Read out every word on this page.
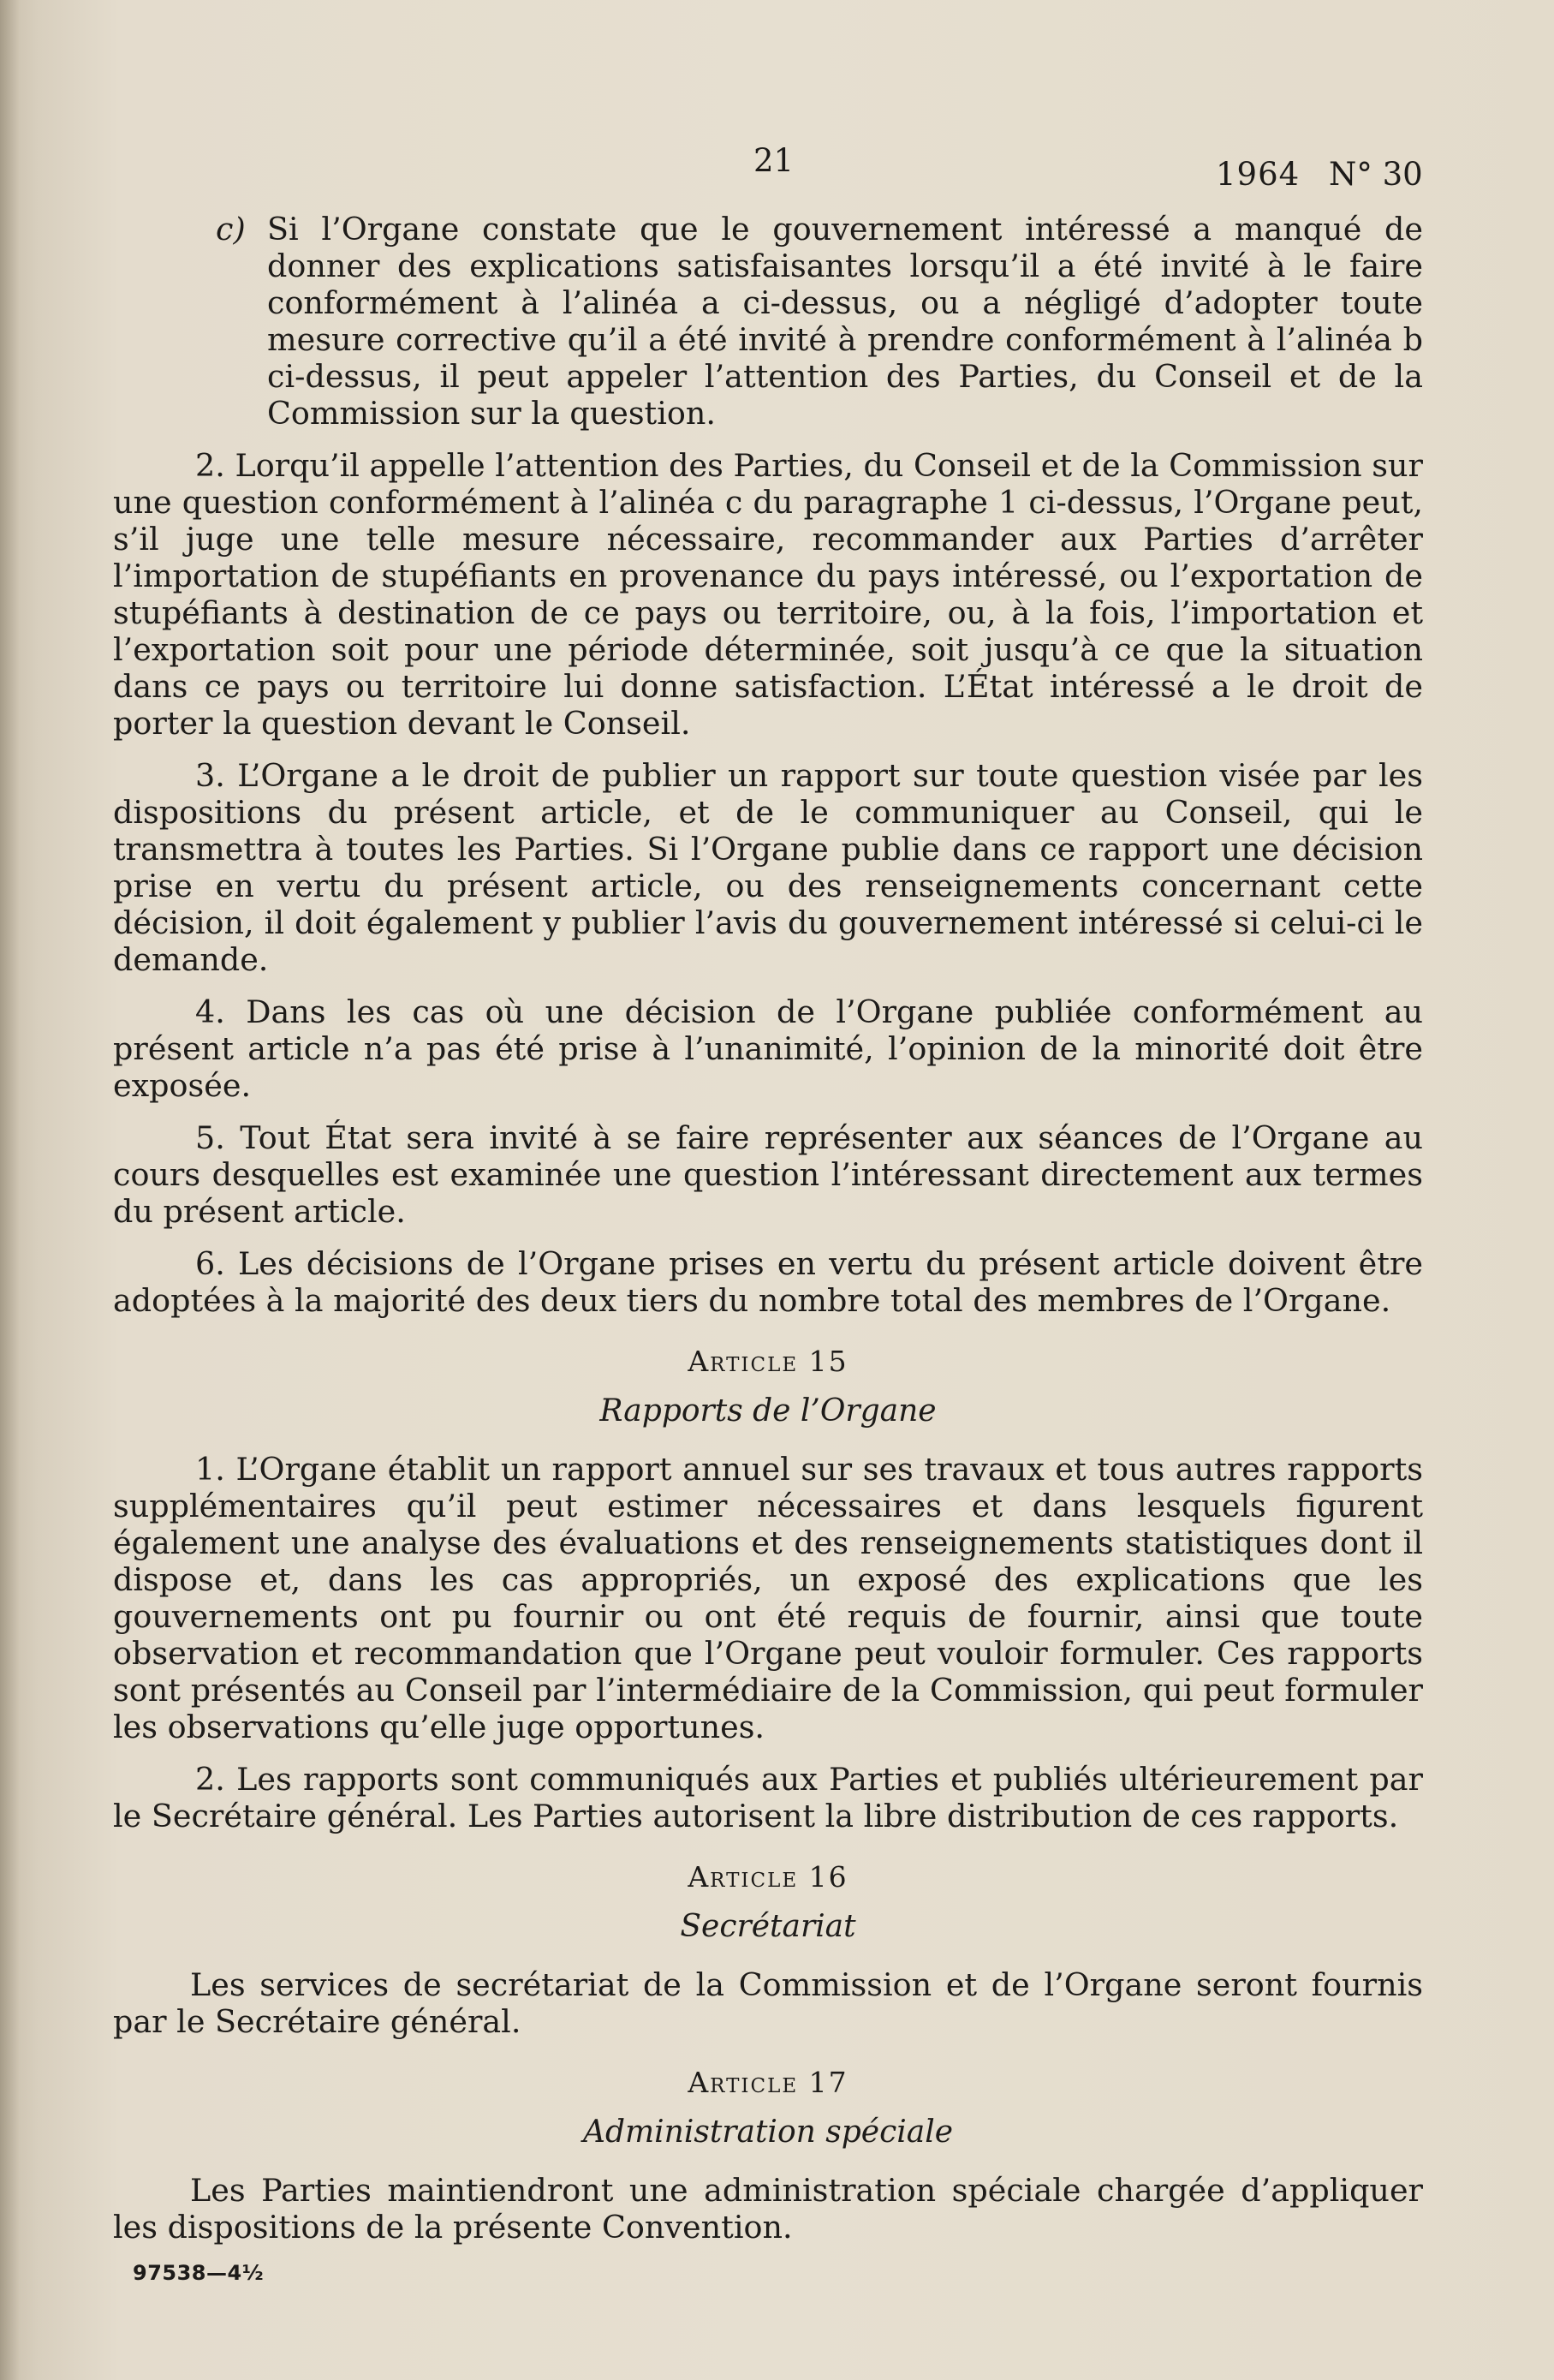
21	1964 N° 30

c) Si l’Organe constate que le gouvernement intéressé a manqué de donner des explications satisfaisantes lorsqu’il a été invité à le faire conformément à l’alinéa a ci-dessus, ou a négligé d’adopter toute mesure corrective qu’il a été invité à prendre conformément à l’alinéa b ci-dessus, il peut appeler l’attention des Parties, du Conseil et de la Commission sur la question.

2. Lorqu’il appelle l’attention des Parties, du Conseil et de la Commission sur une question conformément à l’alinéa c du paragraphe 1 ci-dessus, l’Organe peut, s’il juge une telle mesure nécessaire, recommander aux Parties d’arrêter l’importation de stupéfiants en provenance du pays intéressé, ou l’exportation de stupéfiants à destination de ce pays ou territoire, ou, à la fois, l’importation et l’exportation soit pour une période déterminée, soit jusqu’à ce que la situation dans ce pays ou territoire lui donne satisfaction. L’État intéressé a le droit de porter la question devant le Conseil.

3. L’Organe a le droit de publier un rapport sur toute question visée par les dispositions du présent article, et de le communiquer au Conseil, qui le transmettra à toutes les Parties. Si l’Organe publie dans ce rapport une décision prise en vertu du présent article, ou des renseignements concernant cette décision, il doit également y publier l’avis du gouvernement intéressé si celui-ci le demande.

4. Dans les cas où une décision de l’Organe publiée conformément au présent article n’a pas été prise à l’unanimité, l’opinion de la minorité doit être exposée.

5. Tout État sera invité à se faire représenter aux séances de l’Organe au cours desquelles est examinée une question l’intéressant directement aux termes du présent article.

6. Les décisions de l’Organe prises en vertu du présent article doivent être adoptées à la majorité des deux tiers du nombre total des membres de l’Organe.

Article 15
Rapports de l’Organe

1. L’Organe établit un rapport annuel sur ses travaux et tous autres rapports supplémentaires qu’il peut estimer nécessaires et dans lesquels figurent également une analyse des évaluations et des renseignements statistiques dont il dispose et, dans les cas appropriés, un exposé des explications que les gouvernements ont pu fournir ou ont été requis de fournir, ainsi que toute observation et recommandation que l’Organe peut vouloir formuler. Ces rapports sont présentés au Conseil par l’intermédiaire de la Commission, qui peut formuler les observations qu’elle juge opportunes.

2. Les rapports sont communiqués aux Parties et publiés ultérieurement par le Secrétaire général. Les Parties autorisent la libre distribution de ces rapports.

Article 16
Secrétariat

Les services de secrétariat de la Commission et de l’Organe seront fournis par le Secrétaire général.

Article 17
Administration spéciale

Les Parties maintiendront une administration spéciale chargée d’appliquer les dispositions de la présente Convention.

97538—4½
